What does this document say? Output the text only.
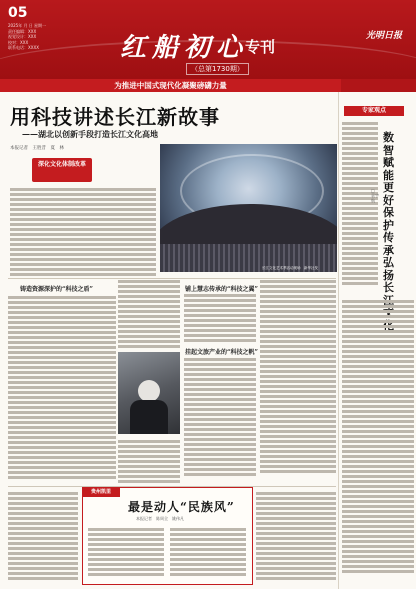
05
2025年 月 日 星期一
责任编辑：XXX
视觉设计：XXX
校对：XXX
联系电话：XXXX	红船初心
专刊
（总第1730期）
光明日报
为推进中国式现代化凝聚磅礴力量
用科技讲述长江新故事
——湖北以创新手段打造长江文化高地
本报记者　王胜昔　夏　林
深化文化体制改革
长江文化艺术季活动现场　新华社发
铸造资源深护的“科技之盾”	铺上慧志传承的“科技之翼”
挂起文旅产业的“科技之帆”
贵州凯里
最是动人“民族风”
本报记者　陈周全　姚伟凡
专家观点
数智赋能更好保护传承弘扬长
□ 袁宇航
